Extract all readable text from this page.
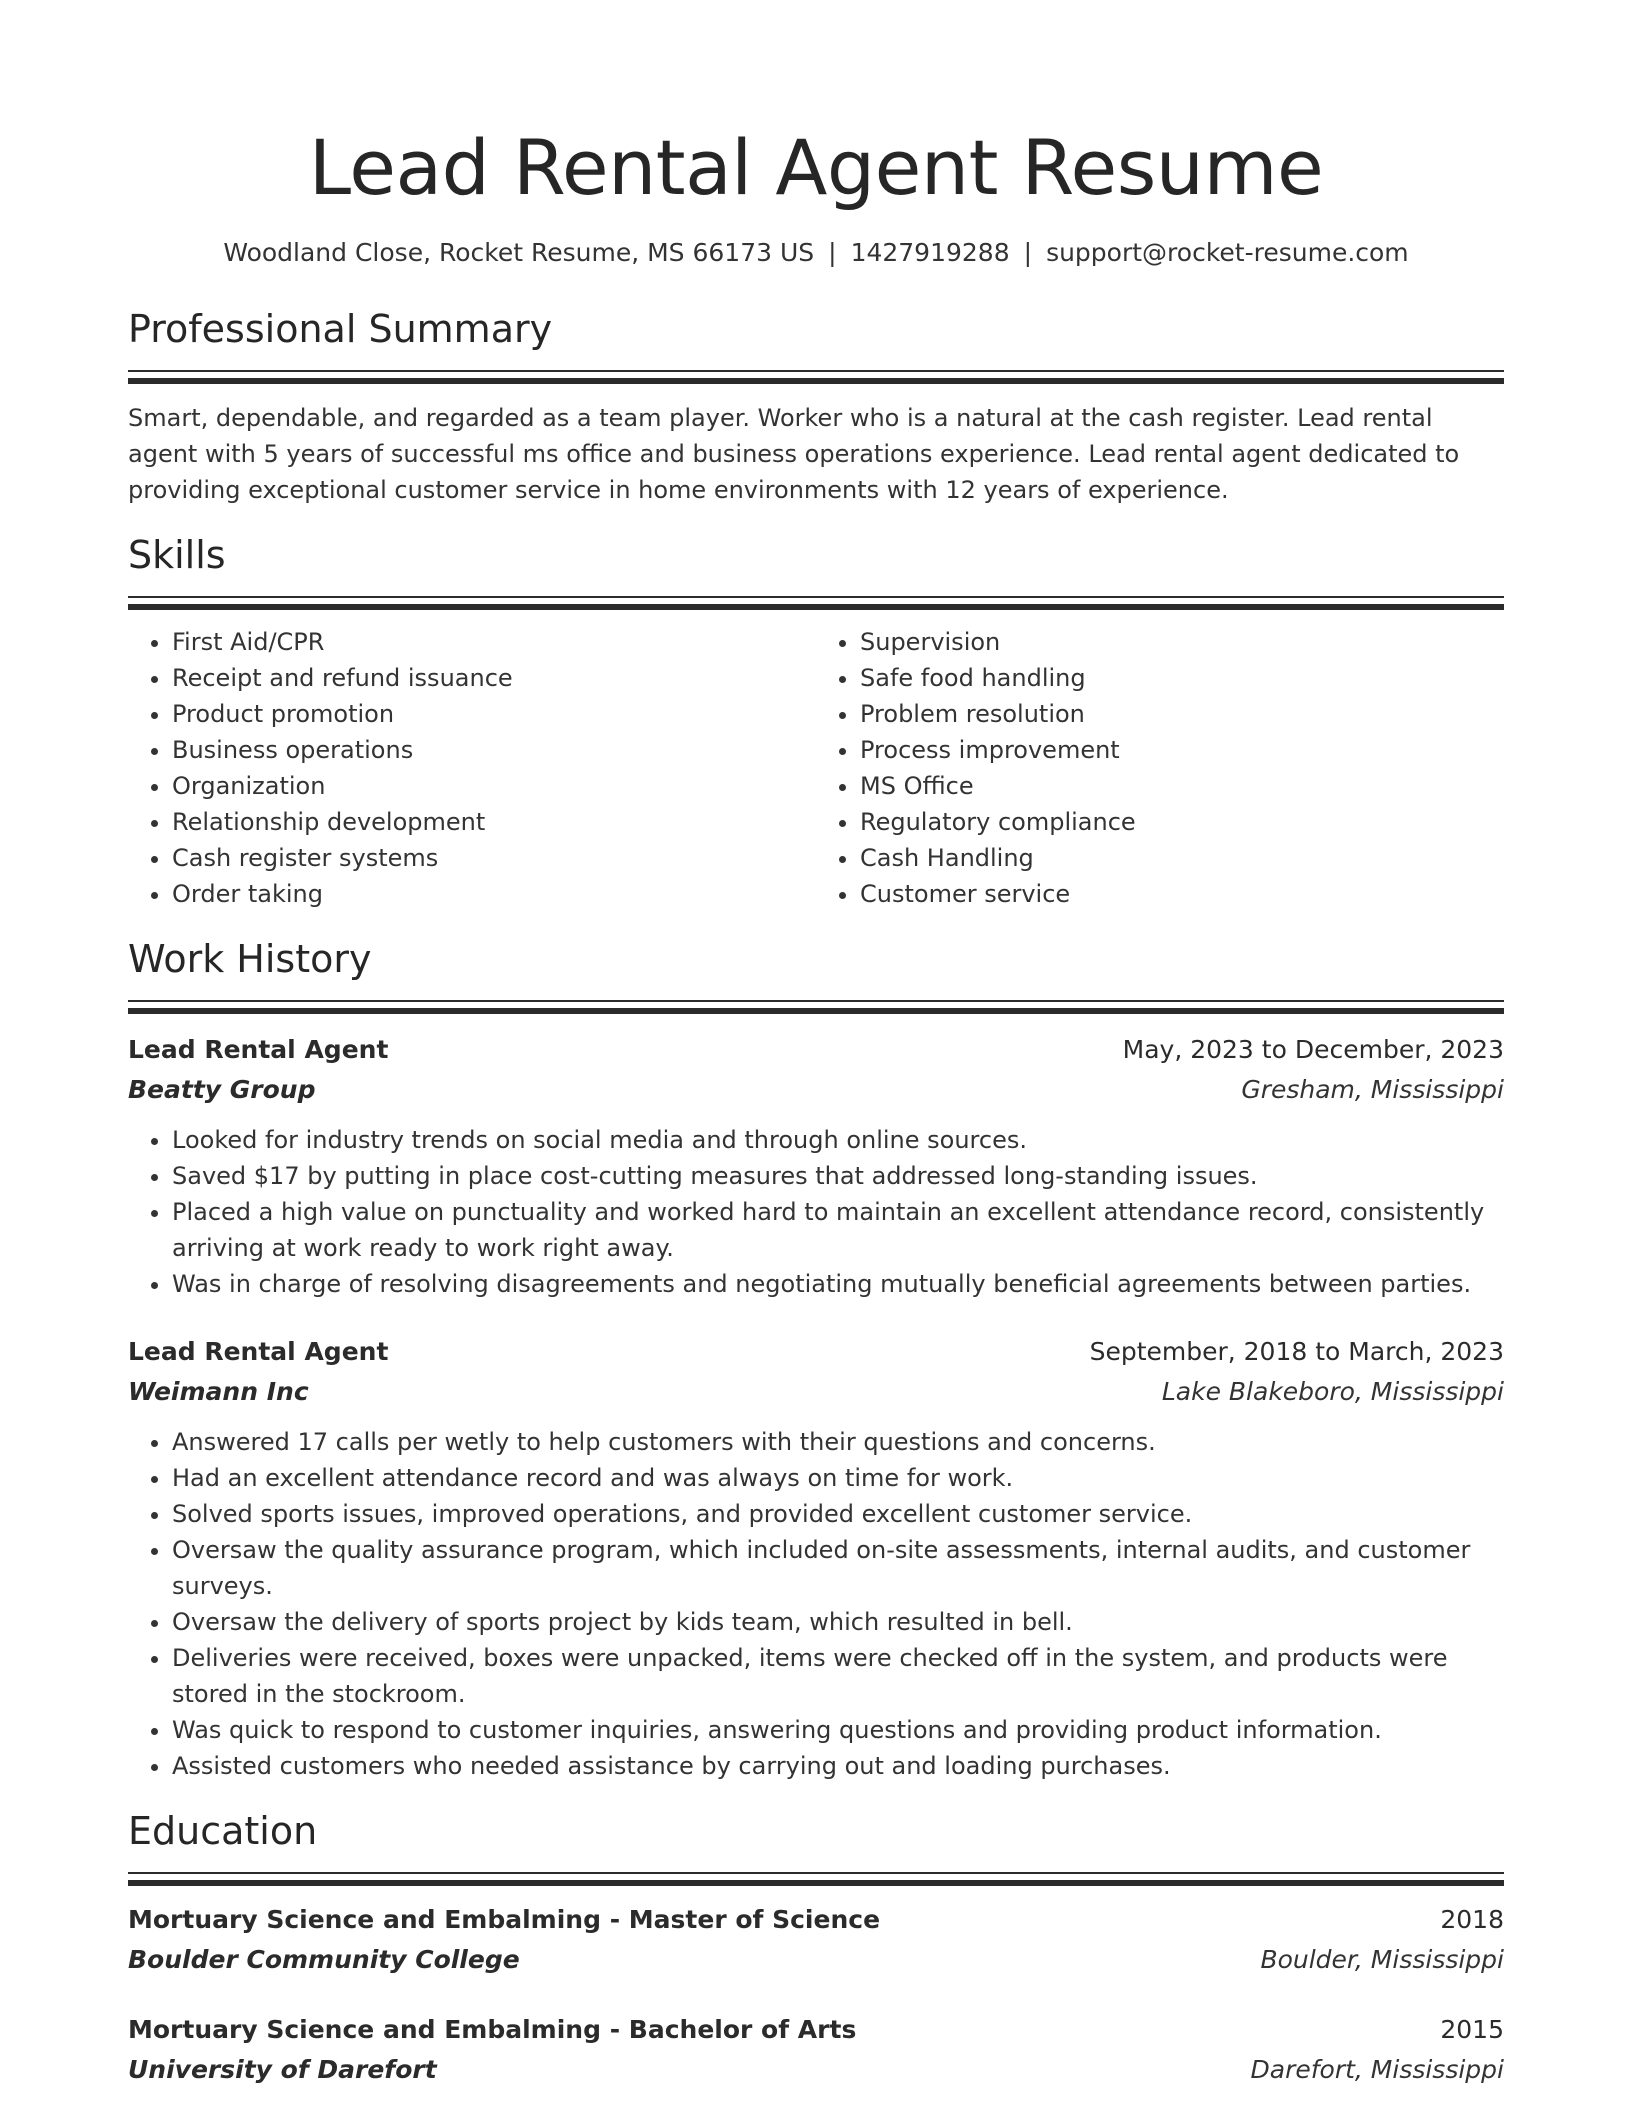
Lead Rental Agent Resume
Woodland Close, Rocket Resume, MS 66173 US | 1427919288 | support@rocket-resume.com
Professional Summary

Smart, dependable, and regarded as a team player. Worker who is a natural at the cash register. Lead rental agent with 5 years of successful ms office and business operations experience. Lead rental agent dedicated to providing exceptional customer service in home environments with 12 years of experience.

Skills
• First Aid/CPR
• Receipt and refund issuance
• Product promotion
• Business operations
• Organization
• Relationship development
• Cash register systems
• Order taking
• Supervision
• Safe food handling
• Problem resolution
• Process improvement
• MS Office
• Regulatory compliance
• Cash Handling
• Customer service
Work History
Lead Rental Agent	May, 2023 to December, 2023
Beatty Group	Gresham, Mississippi
• Looked for industry trends on social media and through online sources.
• Saved $17 by putting in place cost-cutting measures that addressed long-standing issues.
• Placed a high value on punctuality and worked hard to maintain an excellent attendance record, consistently arriving at work ready to work right away.
• Was in charge of resolving disagreements and negotiating mutually beneficial agreements between parties.
Lead Rental Agent	September, 2018 to March, 2023
Weimann Inc	Lake Blakeboro, Mississippi
• Answered 17 calls per wetly to help customers with their questions and concerns.
• Had an excellent attendance record and was always on time for work.
• Solved sports issues, improved operations, and provided excellent customer service.
• Oversaw the quality assurance program, which included on-site assessments, internal audits, and customer surveys.
• Oversaw the delivery of sports project by kids team, which resulted in bell.
• Deliveries were received, boxes were unpacked, items were checked off in the system, and products were stored in the stockroom.
• Was quick to respond to customer inquiries, answering questions and providing product information.
• Assisted customers who needed assistance by carrying out and loading purchases.
Education
Mortuary Science and Embalming - Master of Science	2018
Boulder Community College	Boulder, Mississippi
Mortuary Science and Embalming - Bachelor of Arts	2015
University of Darefort	Darefort, Mississippi
